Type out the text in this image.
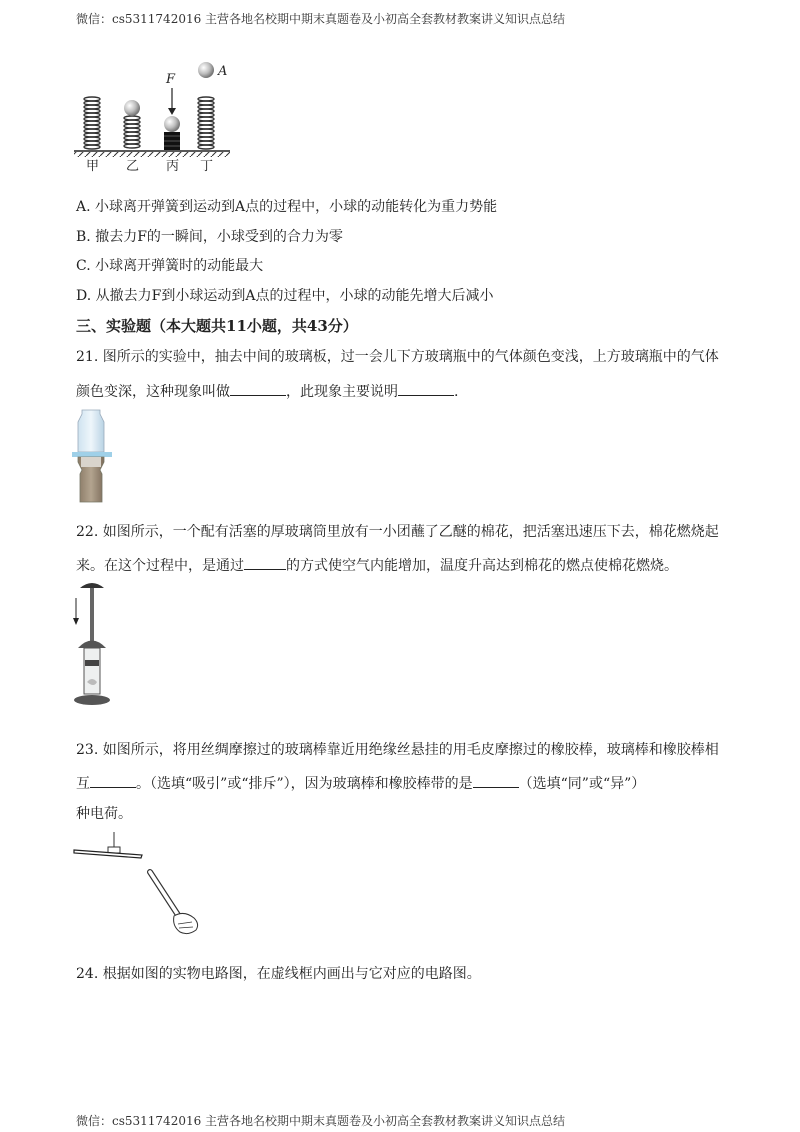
微信：cs5311742016 主营各地名校期中期末真题卷及小初高全套教材教案讲义知识点总结
F
A
甲 乙 丙 丁
A. 小球离开弹簧到运动到A点的过程中，小球的动能转化为重力势能
B. 撤去力F的一瞬间，小球受到的合力为零
C. 小球离开弹簧时的动能最大
D. 从撤去力F到小球运动到A点的过程中，小球的动能先增大后减小
三、实验题（本大题共11小题，共43分）
21. 图所示的实验中，抽去中间的玻璃板，过一会儿下方玻璃瓶中的气体颜色变浅，上方玻璃瓶中的气体
颜色变深，这种现象叫做	，此现象主要说明	.
22. 如图所示，一个配有活塞的厚玻璃筒里放有一小团蘸了乙醚的棉花，把活塞迅速压下去，棉花燃烧起
来。在这个过程中，是通过	的方式使空气内能增加，温度升高达到棉花的燃点使棉花燃烧。
23. 如图所示，将用丝绸摩擦过的玻璃棒靠近用绝缘丝悬挂的用毛皮摩擦过的橡胶棒，玻璃棒和橡胶棒相
互	。（选填“吸引”或“排斥”），因为玻璃棒和橡胶棒带的是	（选填“同”或“异”）
种电荷。
24. 根据如图的实物电路图，在虚线框内画出与它对应的电路图。
微信：cs5311742016 主营各地名校期中期末真题卷及小初高全套教材教案讲义知识点总结
